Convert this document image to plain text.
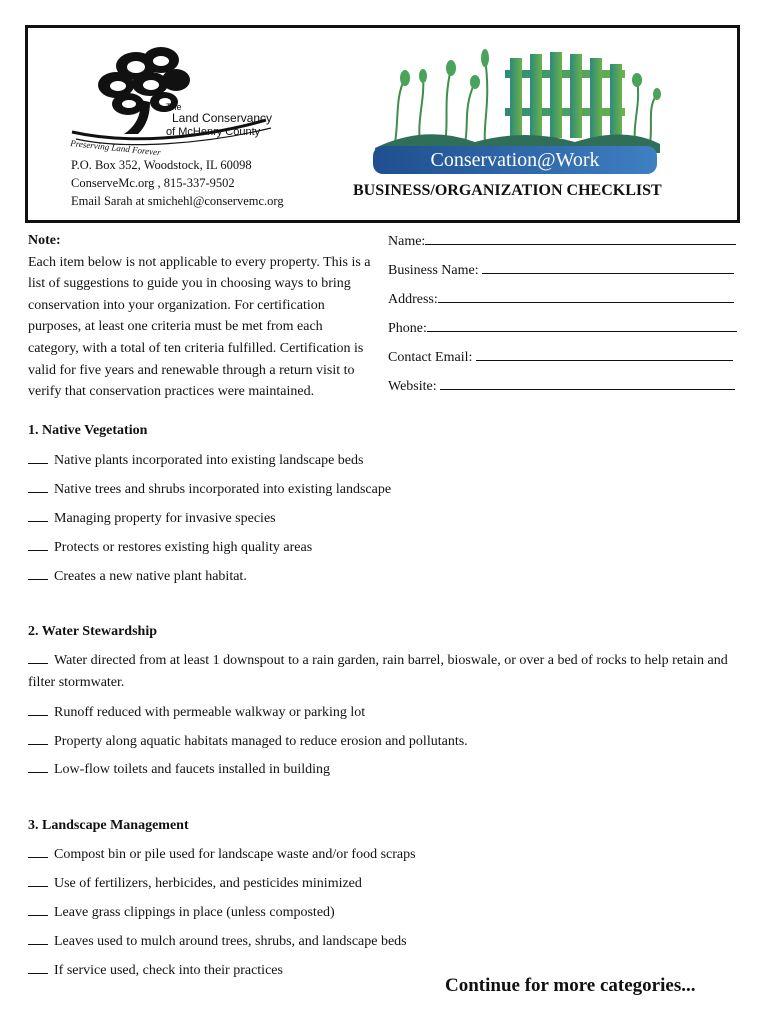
The
Land Conservancy
of McHenry County
Preserving Land Forever
P.O. Box 352, Woodstock, IL 60098
ConserveMc.org , 815-337-9502
Email Sarah at smichehl@conservemc.org
Conservation@Work
BUSINESS/ORGANIZATION CHECKLIST
Note:
Each item below is not applicable to every property. This is a list of suggestions to guide you in choosing ways to bring conservation into your organization. For certification purposes, at least one criteria must be met from each category, with a total of ten criteria fulfilled. Certification is valid for five years and renewable through a return visit to verify that conservation practices were maintained.
Name:
Business Name:
Address:
Phone:
Contact Email:
Website:
1. Native Vegetation
Native plants incorporated into existing landscape beds
Native trees and shrubs incorporated into existing landscape
Managing property for invasive species
Protects or restores existing high quality areas
Creates a new native plant habitat.
2. Water Stewardship
Water directed from at least 1 downspout to a rain garden, rain barrel, bioswale, or over a bed of rocks to help retain and filter stormwater.
Runoff reduced with permeable walkway or parking lot
Property along aquatic habitats managed to reduce erosion and pollutants.
Low-flow toilets and faucets installed in building
3. Landscape Management
Compost bin or pile used for landscape waste and/or food scraps
Use of fertilizers, herbicides, and pesticides minimized
Leave grass clippings in place (unless composted)
Leaves used to mulch around trees, shrubs, and landscape beds
If service used, check into their practices
Continue for more categories...
